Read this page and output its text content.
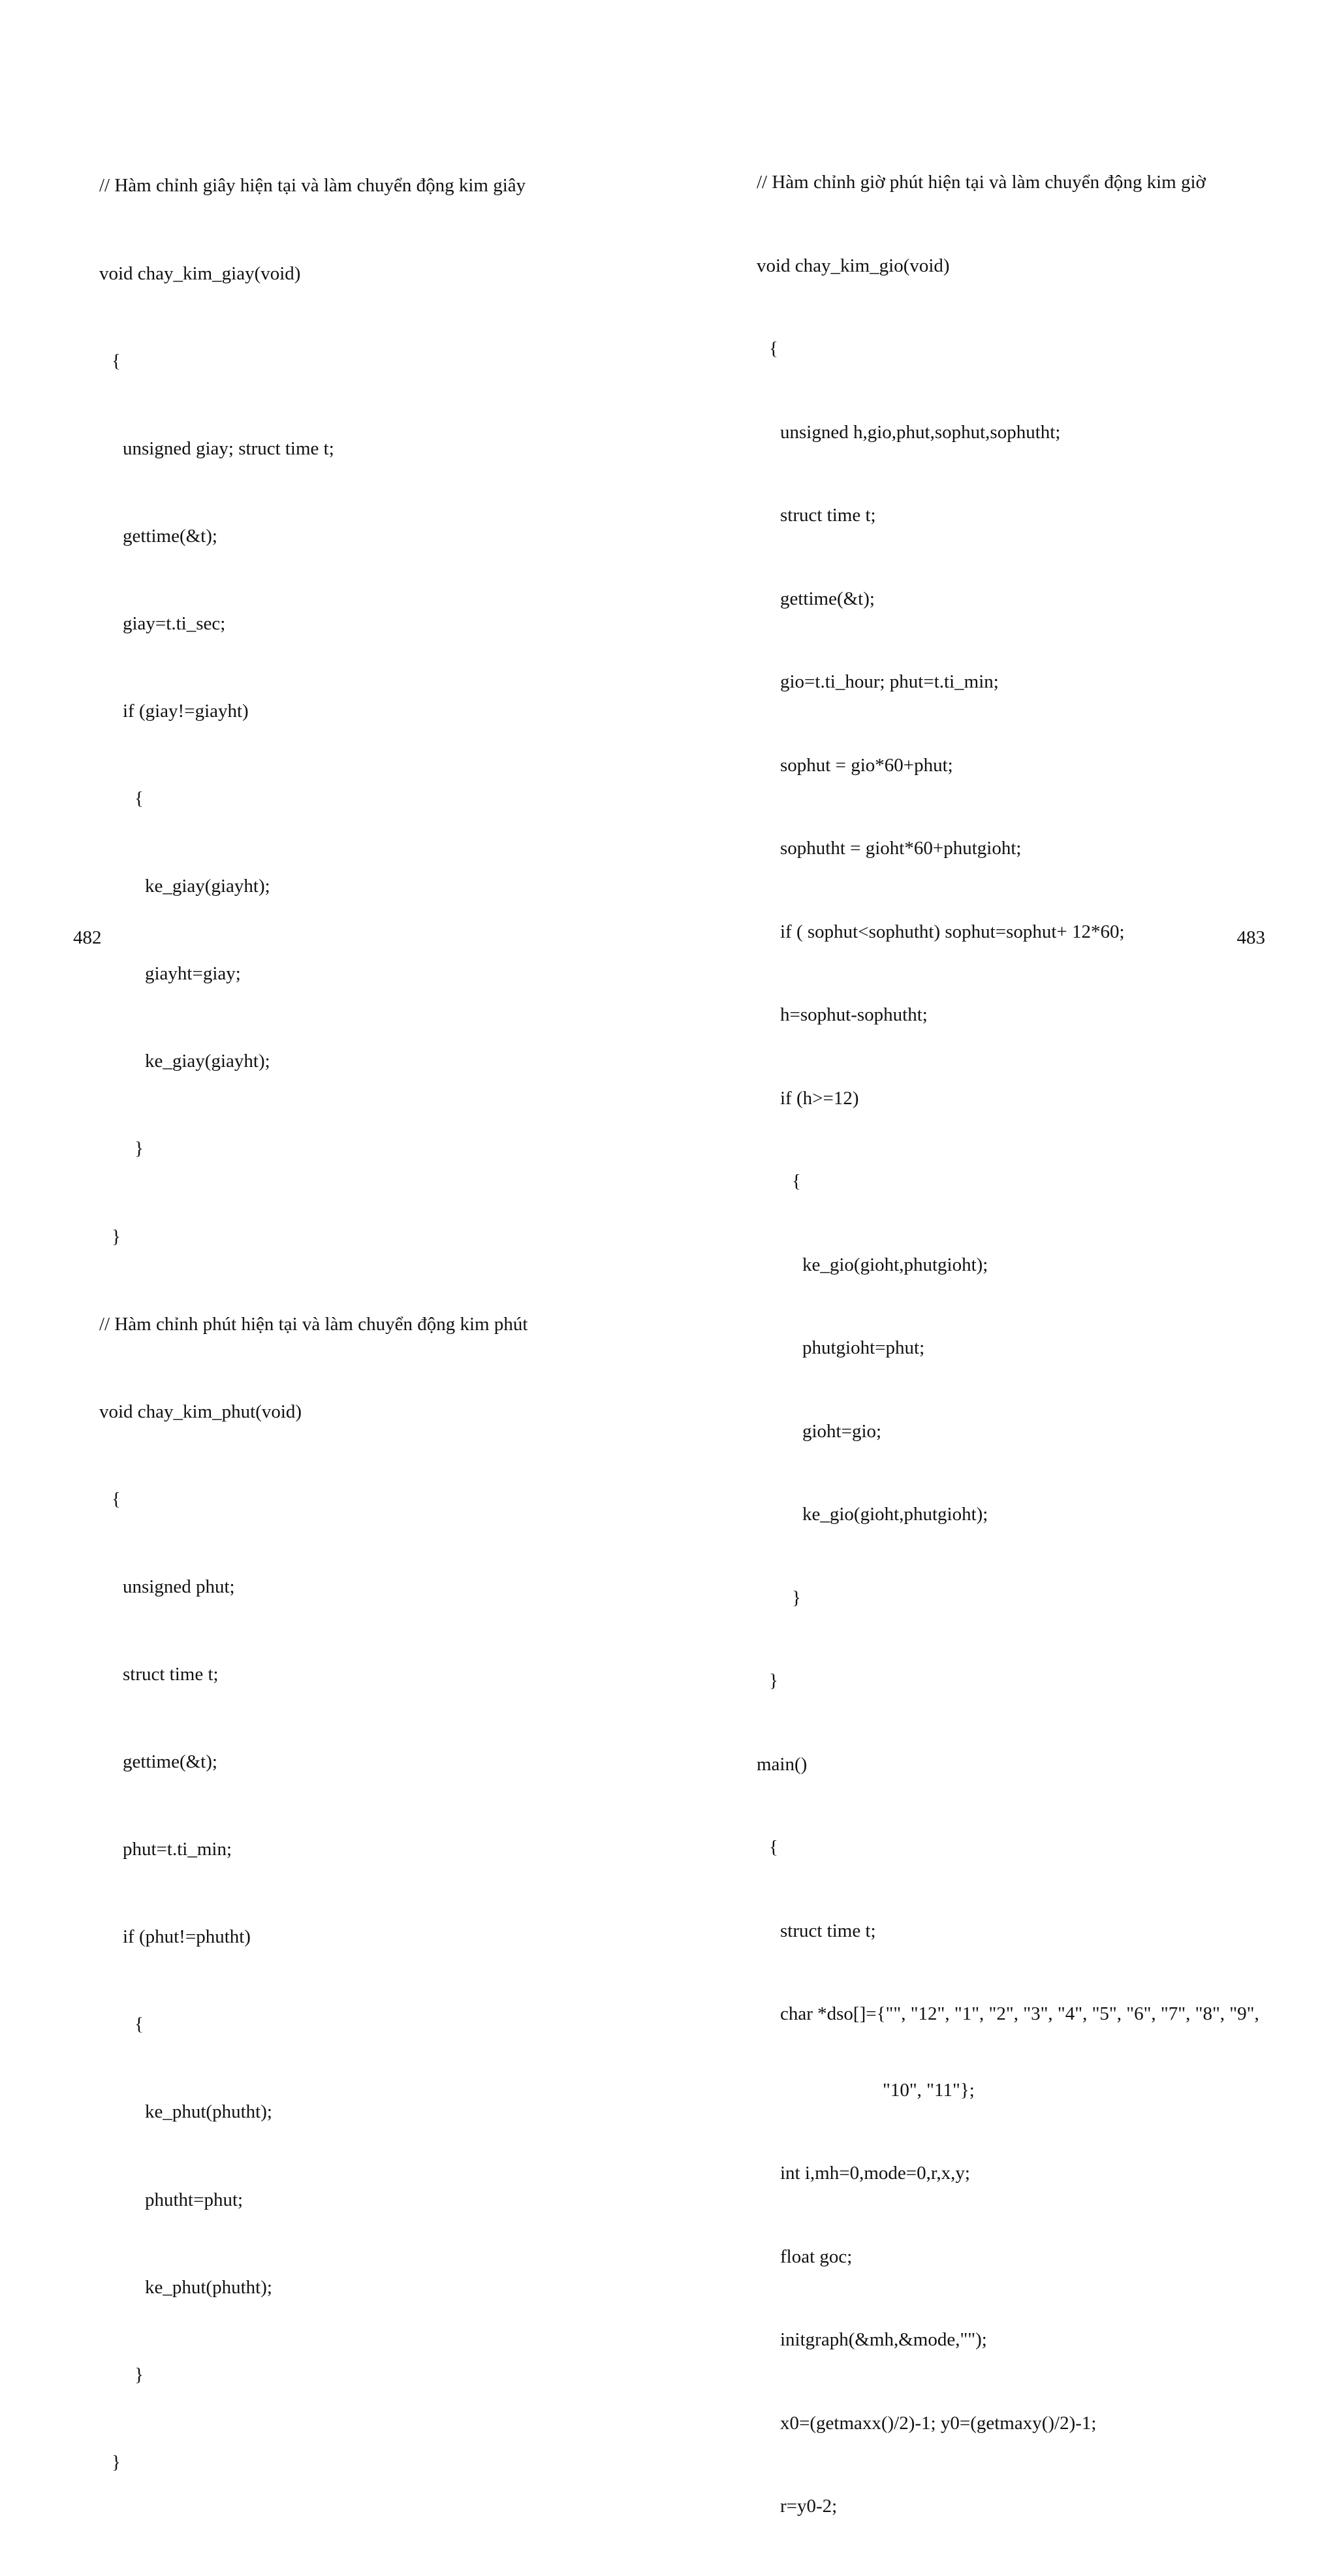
// Hàm chỉnh giây hiện tại và làm chuyển động kim giây

void chay_kim_giay(void)

{

unsigned giay; struct time t;

gettime(&t);

giay=t.ti_sec;

if (giay!=giayht)

{

ke_giay(giayht);

giayht=giay;

ke_giay(giayht);

}

}

// Hàm chỉnh phút hiện tại và làm chuyển động kim phút

void chay_kim_phut(void)

{

unsigned phut;

struct time t;

gettime(&t);

phut=t.ti_min;

if (phut!=phutht)

{

ke_phut(phutht);

phutht=phut;

ke_phut(phutht);

}

}

482

// Hàm chỉnh giờ phút hiện tại và làm chuyển động kim giờ

void chay_kim_gio(void)

{

unsigned h,gio,phut,sophut,sophutht;

struct time t;

gettime(&t);

gio=t.ti_hour; phut=t.ti_min;

sophut = gio*60+phut;

sophutht = gioht*60+phutgioht;

if ( sophut<sophutht) sophut=sophut+ 12*60;

h=sophut-sophutht;

if (h>=12)

{

ke_gio(gioht,phutgioht);

phutgioht=phut;

gioht=gio;

ke_gio(gioht,phutgioht);

}

}

main()

{

struct time t;

char *dso[]={"", "12", "1", "2", "3", "4", "5", "6", "7", "8", "9",

"10", "11"};

int i,mh=0,mode=0,r,x,y;

float goc;

initgraph(&mh,&mode,"");

x0=(getmaxx()/2)-1; y0=(getmaxy()/2)-1;

r=y0-2;

483
